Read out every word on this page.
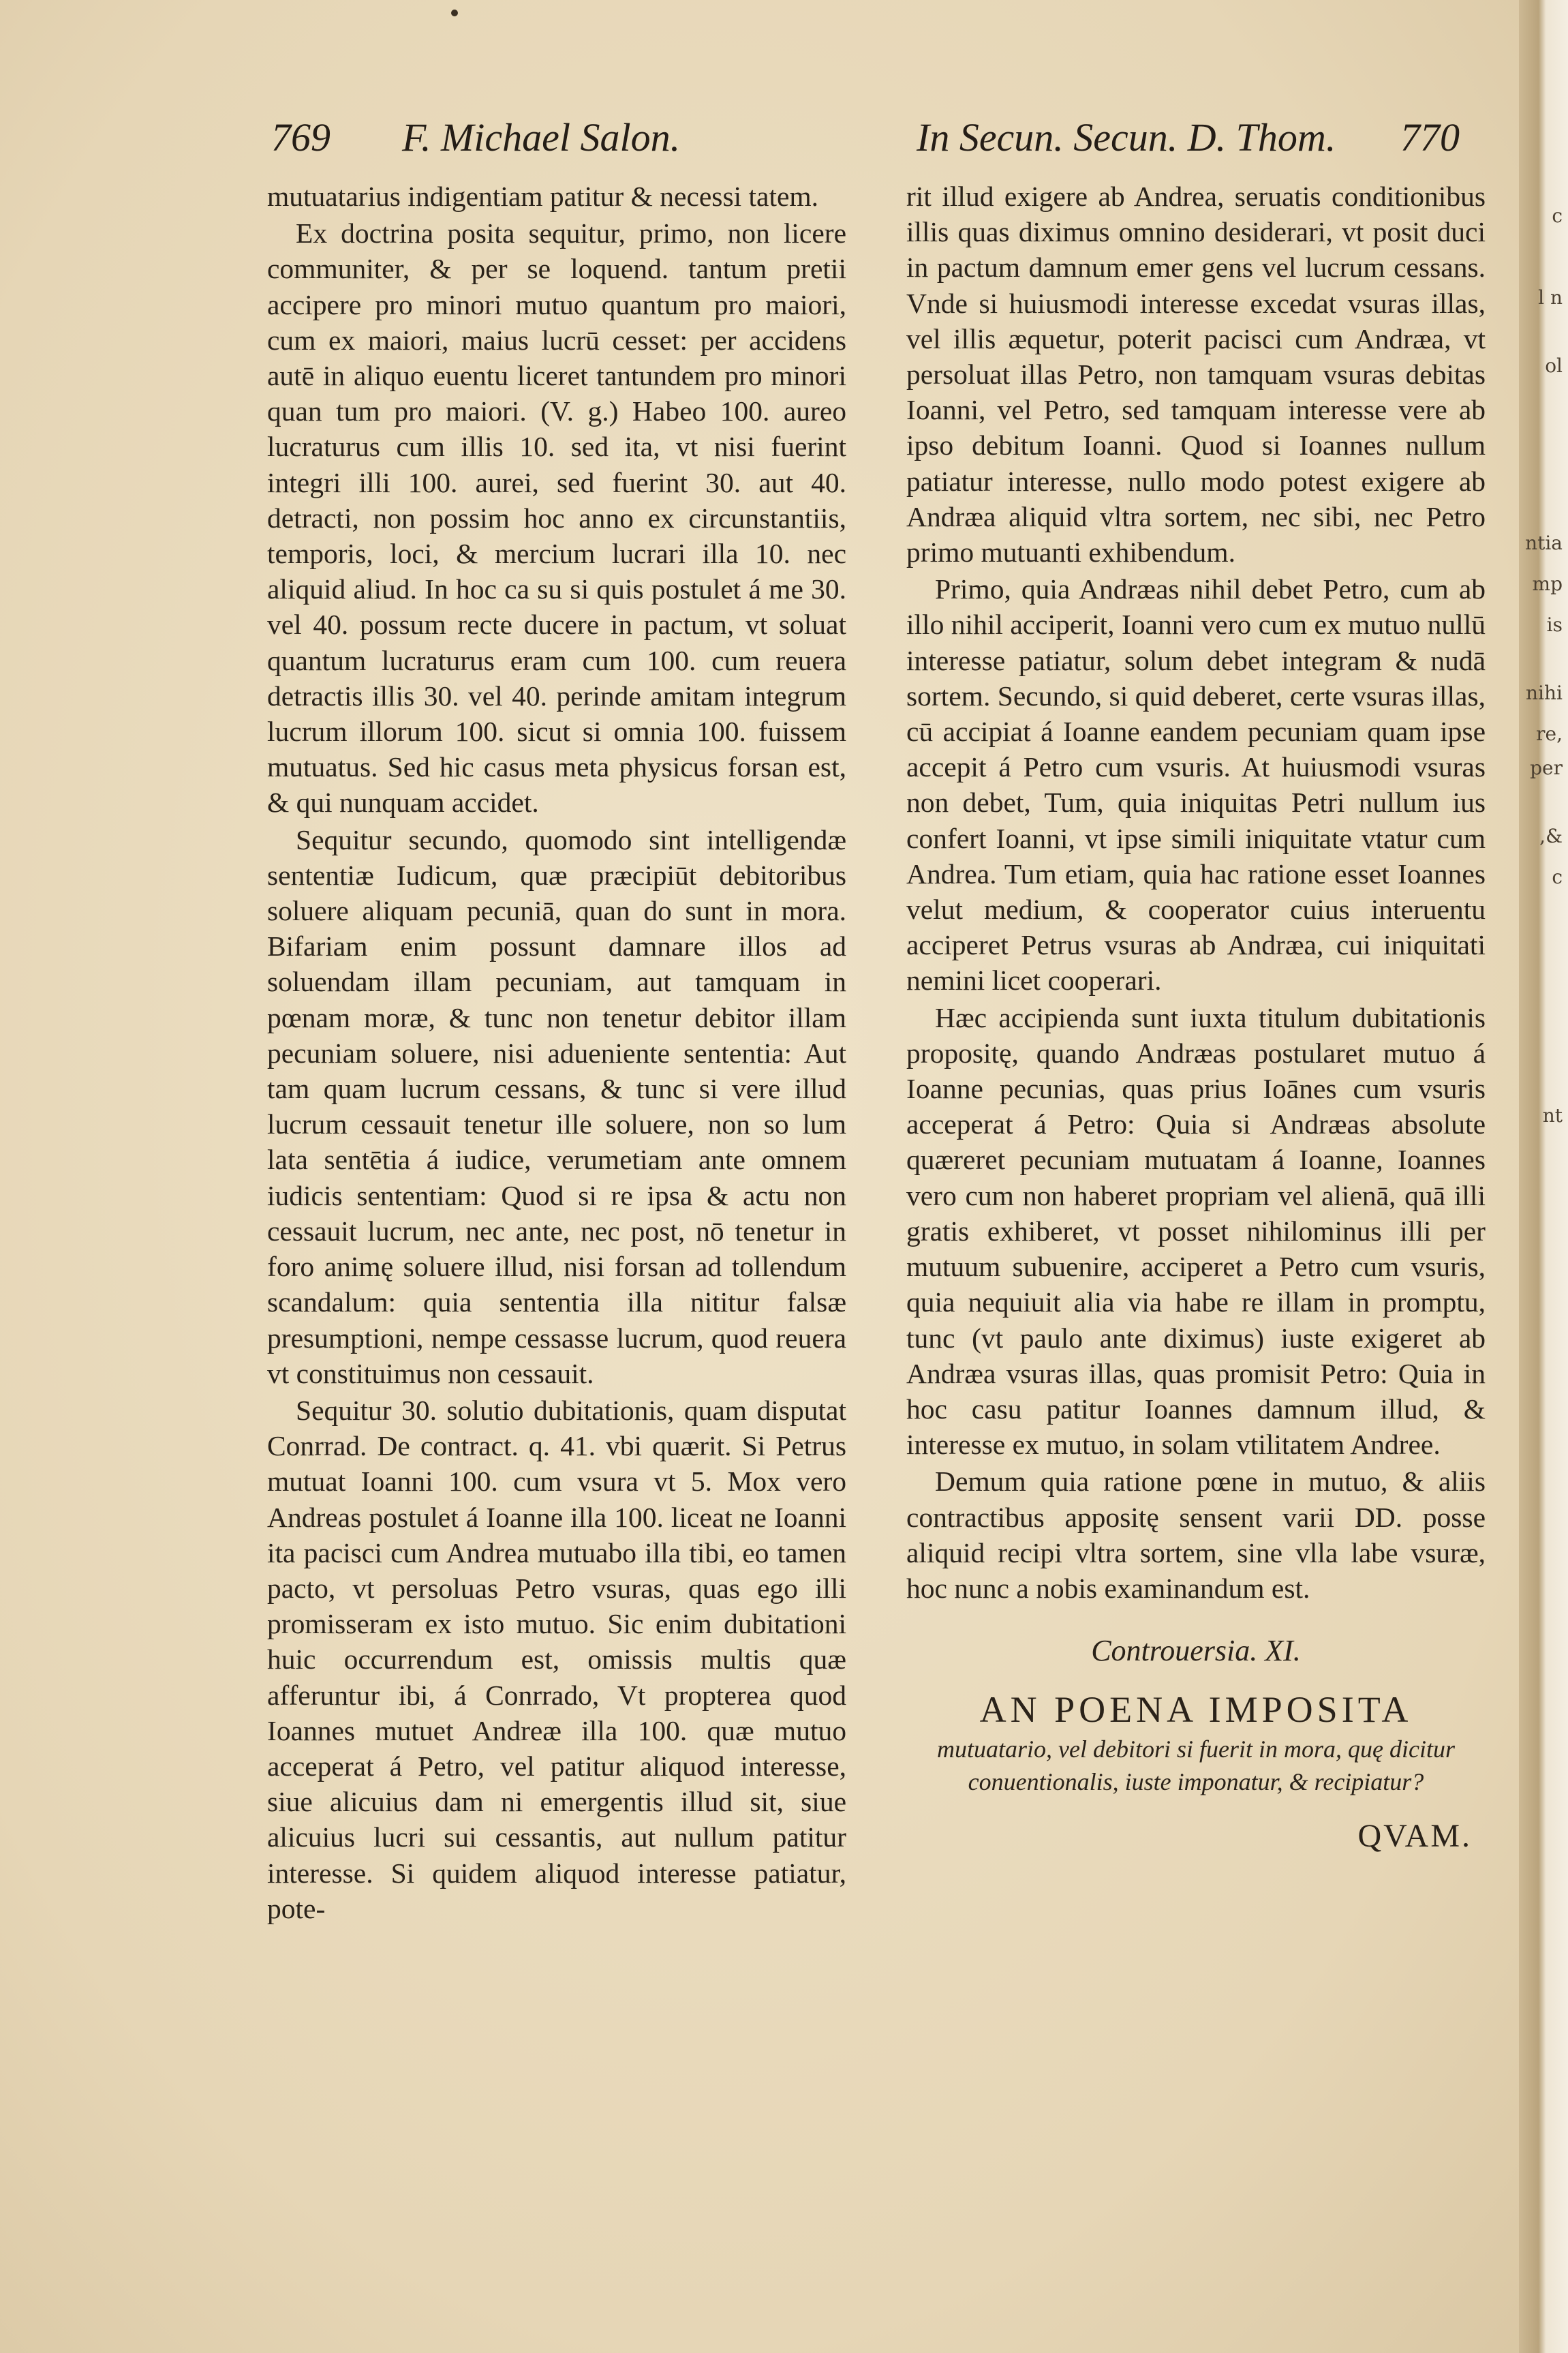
769 F. Michael Salon.	In Secun. Secun. D. Thom. 770

mutuatarius indigentiam patitur & necessi tatem.

Ex doctrina posita sequitur, primo, non licere communiter, & per se loquend. tantum pretii accipere pro minori mutuo quantum pro maiori, cum ex maiori, maius lucrū cesset: per accidens autē in aliquo euentu liceret tantundem pro minori quan tum pro maiori. (V. g.) Habeo 100. aureo lucraturus cum illis 10. sed ita, vt nisi fuerint integri illi 100. aurei, sed fuerint 30. aut 40. detracti, non possim hoc anno ex circunstantiis, temporis, loci, & mercium lucrari illa 10. nec aliquid aliud. In hoc ca su si quis postulet á me 30. vel 40. possum recte ducere in pactum, vt soluat quantum lucraturus eram cum 100. cum reuera detractis illis 30. vel 40. perinde amitam integrum lucrum illorum 100. sicut si omnia 100. fuissem mutuatus. Sed hic casus meta physicus forsan est, & qui nunquam accidet.

Sequitur secundo, quomodo sint intelligendæ sententiæ Iudicum, quæ præcipiūt debitoribus soluere aliquam pecuniā, quan do sunt in mora. Bifariam enim possunt damnare illos ad soluendam illam pecuniam, aut tamquam in pœnam moræ, & tunc non tenetur debitor illam pecuniam soluere, nisi adueniente sententia: Aut tam quam lucrum cessans, & tunc si vere illud lucrum cessauit tenetur ille soluere, non so lum lata sentētia á iudice, verumetiam ante omnem iudicis sententiam: Quod si re ipsa & actu non cessauit lucrum, nec ante, nec post, nō tenetur in foro animę soluere illud, nisi forsan ad tollendum scandalum: quia sententia illa nititur falsæ presumptioni, nempe cessasse lucrum, quod reuera vt constituimus non cessauit.

Sequitur 30. solutio dubitationis, quam disputat Conrrad. De contract. q. 41. vbi quærit. Si Petrus mutuat Ioanni 100. cum vsura vt 5. Mox vero Andreas postulet á Ioanne illa 100. liceat ne Ioanni ita pacisci cum Andrea mutuabo illa tibi, eo tamen pacto, vt persoluas Petro vsuras, quas ego illi promisseram ex isto mutuo. Sic enim dubitationi huic occurrendum est, omissis multis quæ afferuntur ibi, á Conrrado, Vt propterea quod Ioannes mutuet Andreæ illa 100. quæ mutuo acceperat á Petro, vel patitur aliquod interesse, siue alicuius dam ni emergentis illud sit, siue alicuius lucri sui cessantis, aut nullum patitur interesse. Si quidem aliquod interesse patiatur, pote-

rit illud exigere ab Andrea, seruatis conditionibus illis quas diximus omnino desiderari, vt posit duci in pactum damnum emer gens vel lucrum cessans. Vnde si huiusmodi interesse excedat vsuras illas, vel illis æquetur, poterit pacisci cum Andræa, vt persoluat illas Petro, non tamquam vsuras debitas Ioanni, vel Petro, sed tamquam interesse vere ab ipso debitum Ioanni. Quod si Ioannes nullum patiatur interesse, nullo modo potest exigere ab Andræa aliquid vltra sortem, nec sibi, nec Petro primo mutuanti exhibendum.

Primo, quia Andræas nihil debet Petro, cum ab illo nihil acciperit, Ioanni vero cum ex mutuo nullū interesse patiatur, solum debet integram & nudā sortem. Secundo, si quid deberet, certe vsuras illas, cū accipiat á Ioanne eandem pecuniam quam ipse accepit á Petro cum vsuris. At huiusmodi vsuras non debet, Tum, quia iniquitas Petri nullum ius confert Ioanni, vt ipse simili iniquitate vtatur cum Andrea. Tum etiam, quia hac ratione esset Ioannes velut medium, & cooperator cuius interuentu acciperet Petrus vsuras ab Andræa, cui iniquitati nemini licet cooperari.

Hæc accipienda sunt iuxta titulum dubitationis propositę, quando Andræas postularet mutuo á Ioanne pecunias, quas prius Ioānes cum vsuris acceperat á Petro: Quia si Andræas absolute quæreret pecuniam mutuatam á Ioanne, Ioannes vero cum non haberet propriam vel alienā, quā illi gratis exhiberet, vt posset nihilominus illi per mutuum subuenire, acciperet a Petro cum vsuris, quia nequiuit alia via habe re illam in promptu, tunc (vt paulo ante diximus) iuste exigeret ab Andræa vsuras illas, quas promisit Petro: Quia in hoc casu patitur Ioannes damnum illud, & interesse ex mutuo, in solam vtilitatem Andree.

Demum quia ratione pœne in mutuo, & aliis contractibus appositę sensent varii DD. posse aliquid recipi vltra sortem, sine vlla labe vsuræ, hoc nunc a nobis examinandum est.

Controuersia. XI.
AN POENA IMPOSITA
mutuatario, vel debitori si fuerit in mora, quę dicitur conuentionalis, iuste imponatur, & recipiatur?
QVAM.
c
l n
ol
ntia
mp
is
nihi
re,
per
,&
c
nt
